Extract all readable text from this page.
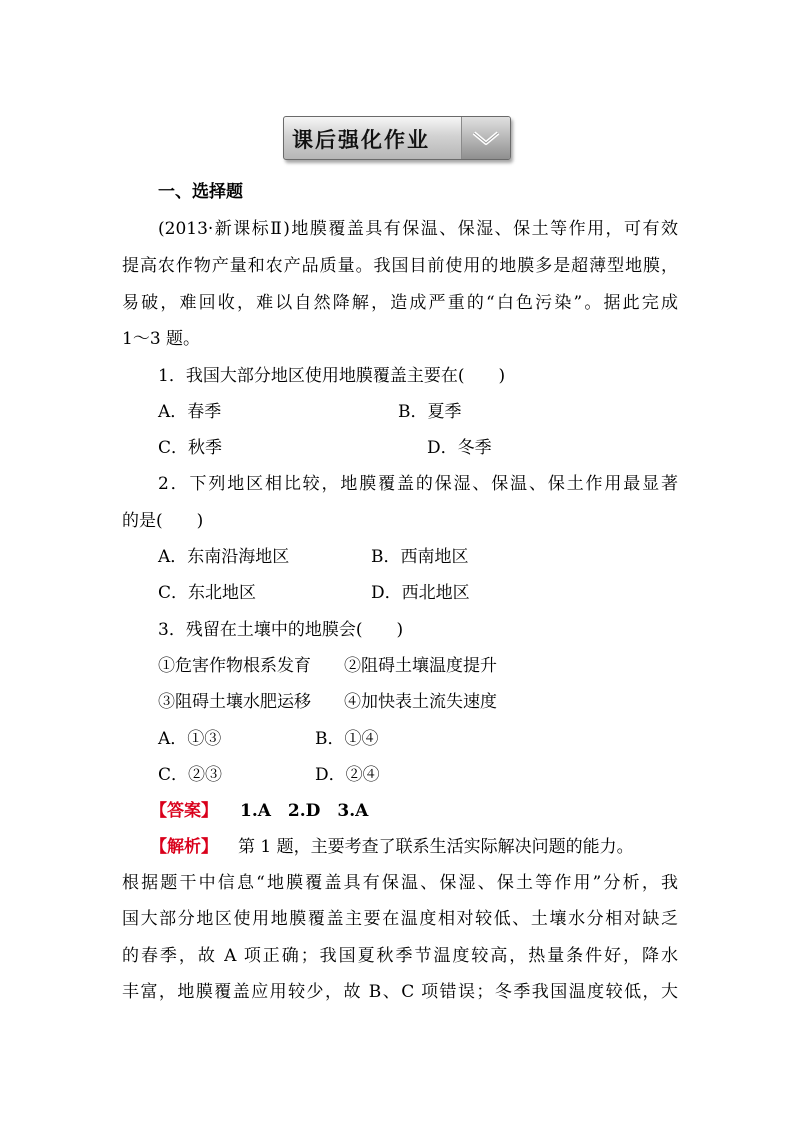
课后强化作业
一、选择题
(2013·新课标Ⅱ)地膜覆盖具有保温、保湿、保土等作用，可有效
提高农作物产量和农产品质量。我国目前使用的地膜多是超薄型地膜，
易破，难回收，难以自然降解，造成严重的“白色污染”。据此完成
1～3 题。
1．我国大部分地区使用地膜覆盖主要在(　　)
A．春季	B．夏季
C．秋季	D．冬季
2．下列地区相比较，地膜覆盖的保湿、保温、保土作用最显著
的是(　　)
A．东南沿海地区	B．西南地区
C．东北地区	D．西北地区
3．残留在土壤中的地膜会(　　)
①危害作物根系发育 ②阻碍土壤温度提升
③阻碍土壤水肥运移 ④加快表土流失速度
A．①③	B．①④
C．②③	D．②④
【答案】 1.A　2.D　3.A
【解析】 第 1 题，主要考查了联系生活实际解决问题的能力。
根据题干中信息“地膜覆盖具有保温、保湿、保土等作用”分析，我
国大部分地区使用地膜覆盖主要在温度相对较低、土壤水分相对缺乏
的春季，故 A 项正确；我国夏秋季节温度较高，热量条件好，降水
丰富，地膜覆盖应用较少，故 B、C 项错误；冬季我国温度较低，大
